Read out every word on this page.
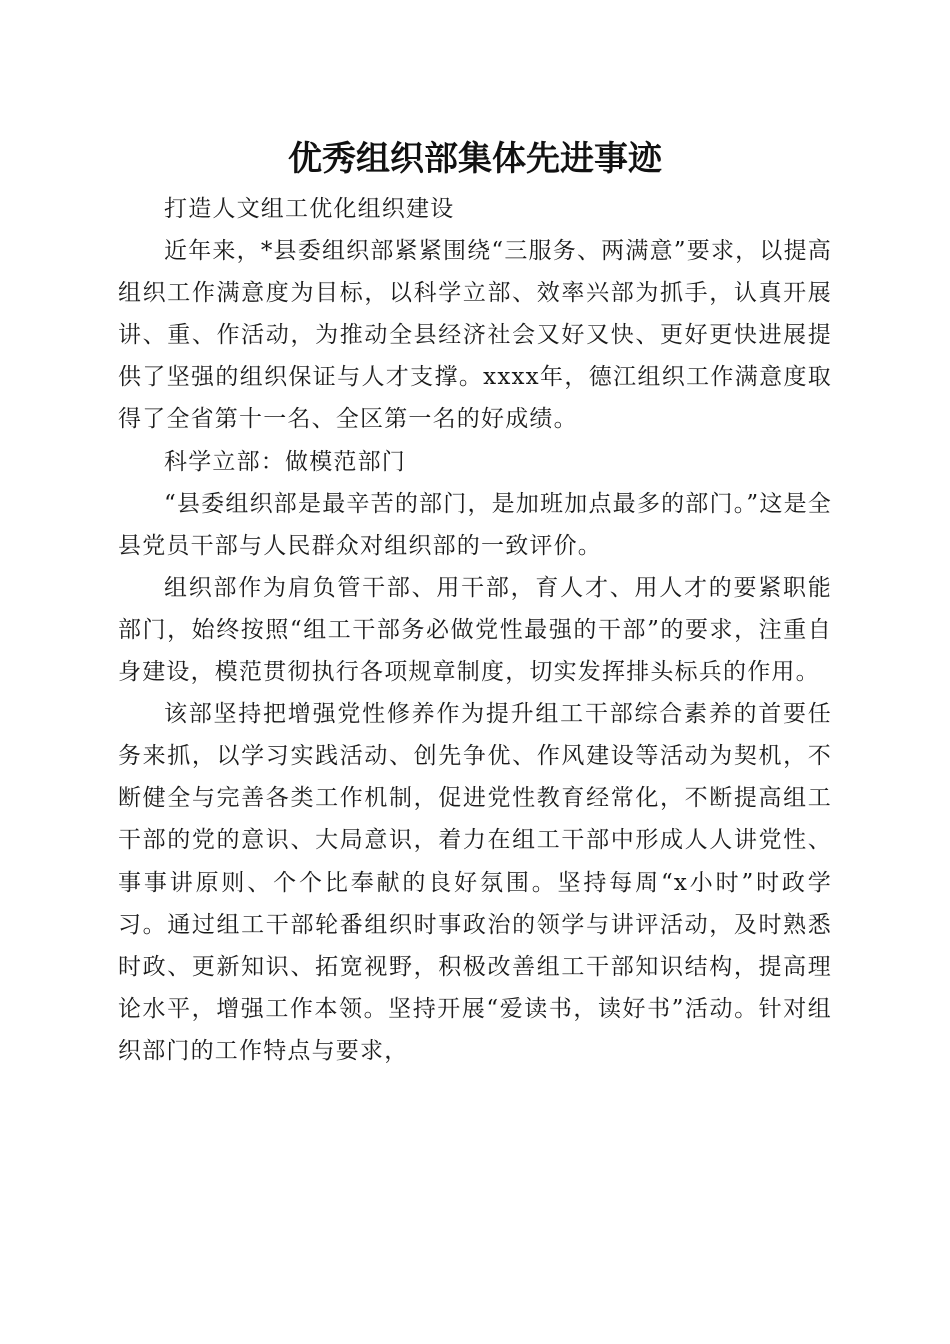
优秀组织部集体先进事迹

打造人文组工优化组织建设

近年来，*县委组织部紧紧围绕“三服务、两满意”要求，以提高组织工作满意度为目标，以科学立部、效率兴部为抓手，认真开展讲、重、作活动，为推动全县经济社会又好又快、更好更快进展提供了坚强的组织保证与人才支撑。xxxx年，德江组织工作满意度取得了全省第十一名、全区第一名的好成绩。

科学立部：做模范部门

“县委组织部是最辛苦的部门，是加班加点最多的部门。”这是全县党员干部与人民群众对组织部的一致评价。

组织部作为肩负管干部、用干部，育人才、用人才的要紧职能部门，始终按照“组工干部务必做党性最强的干部”的要求，注重自身建设，模范贯彻执行各项规章制度，切实发挥排头标兵的作用。

该部坚持把增强党性修养作为提升组工干部综合素养的首要任务来抓，以学习实践活动、创先争优、作风建设等活动为契机，不断健全与完善各类工作机制，促进党性教育经常化，不断提高组工干部的党的意识、大局意识，着力在组工干部中形成人人讲党性、事事讲原则、个个比奉献的良好氛围。坚持每周“x小时”时政学习。通过组工干部轮番组织时事政治的领学与讲评活动，及时熟悉时政、更新知识、拓宽视野，积极改善组工干部知识结构，提高理论水平，增强工作本领。坚持开展“爱读书，读好书”活动。针对组织部门的工作特点与要求，
